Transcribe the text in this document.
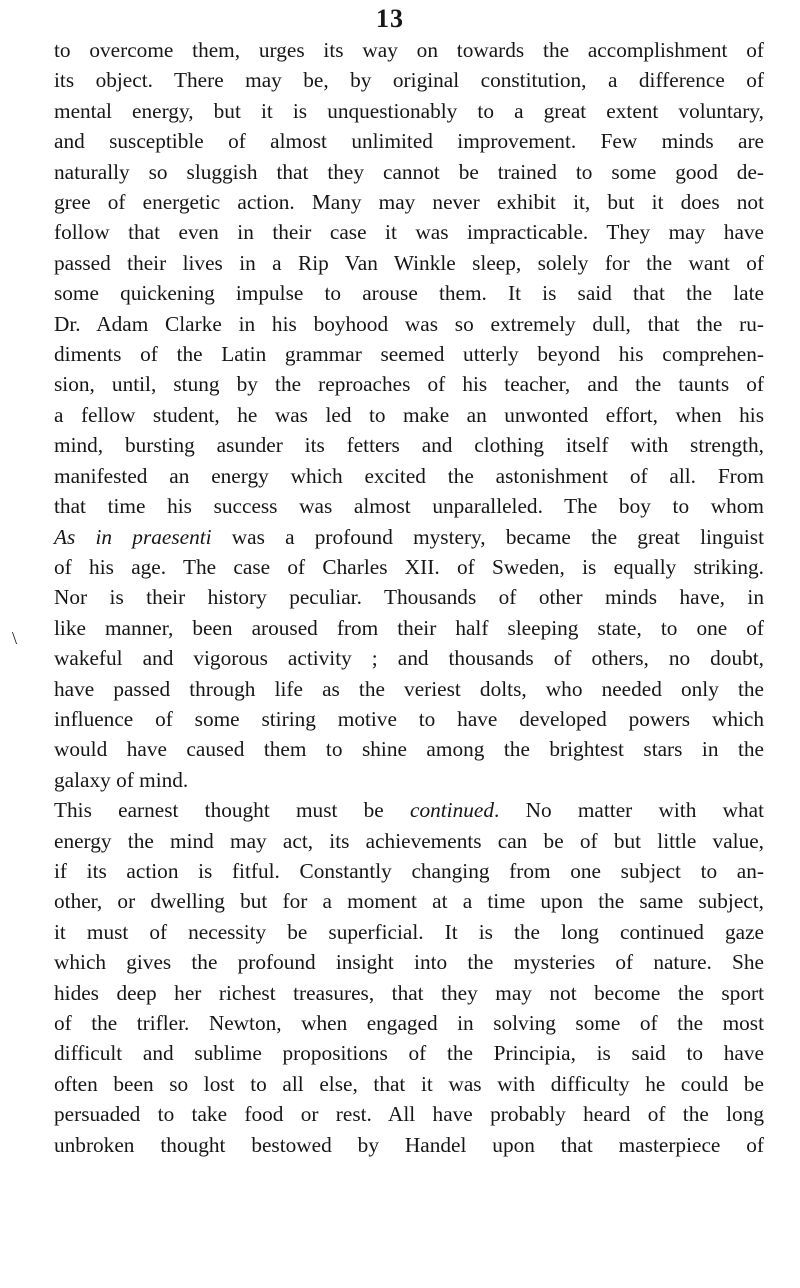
13
\

to overcome them, urges its way on towards the accomplishment of
its object. There may be, by original constitution, a difference of
mental energy, but it is unquestionably to a great extent voluntary,
and susceptible of almost unlimited improvement. Few minds are
naturally so sluggish that they cannot be trained to some good de-
gree of energetic action. Many may never exhibit it, but it does not
follow that even in their case it was impracticable. They may have
passed their lives in a Rip Van Winkle sleep, solely for the want of
some quickening impulse to arouse them. It is said that the late
Dr. Adam Clarke in his boyhood was so extremely dull, that the ru-
diments of the Latin grammar seemed utterly beyond his comprehen-
sion, until, stung by the reproaches of his teacher, and the taunts of
a fellow student, he was led to make an unwonted effort, when his
mind, bursting asunder its fetters and clothing itself with strength,
manifested an energy which excited the astonishment of all. From
that time his success was almost unparalleled. The boy to whom
As in praesenti was a profound mystery, became the great linguist
of his age. The case of Charles XII. of Sweden, is equally striking.
Nor is their history peculiar. Thousands of other minds have, in
like manner, been aroused from their half sleeping state, to one of
wakeful and vigorous activity ; and thousands of others, no doubt,
have passed through life as the veriest dolts, who needed only the
influence of some stiring motive to have developed powers which
would have caused them to shine among the brightest stars in the
galaxy of mind.

This earnest thought must be continued. No matter with what
energy the mind may act, its achievements can be of but little value,
if its action is fitful. Constantly changing from one subject to an-
other, or dwelling but for a moment at a time upon the same subject,
it must of necessity be superficial. It is the long continued gaze
which gives the profound insight into the mysteries of nature. She
hides deep her richest treasures, that they may not become the sport
of the trifler. Newton, when engaged in solving some of the most
difficult and sublime propositions of the Principia, is said to have
often been so lost to all else, that it was with difficulty he could be
persuaded to take food or rest. All have probably heard of the long
unbroken thought bestowed by Handel upon that masterpiece of
